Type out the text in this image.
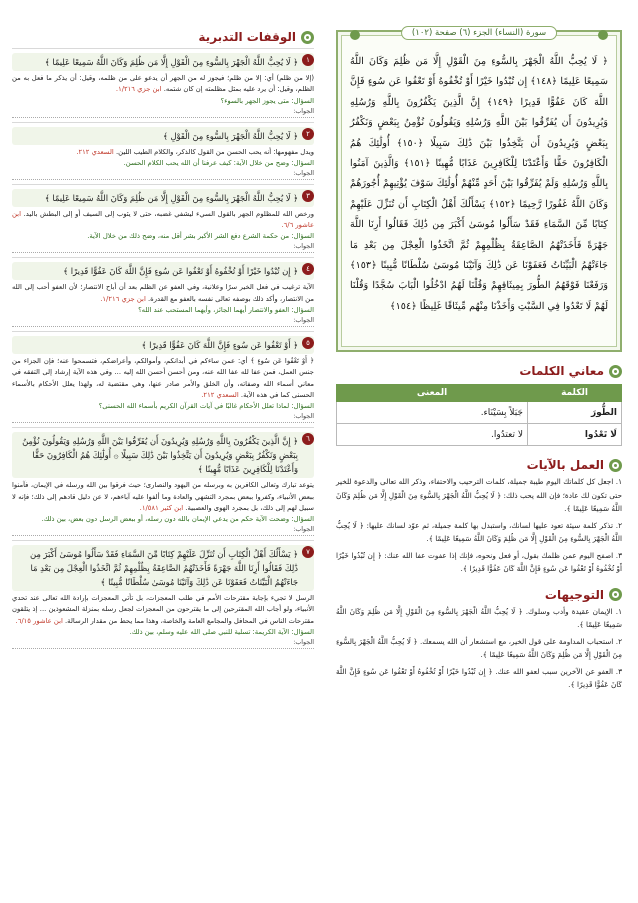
سورة (النساء) الجزء (٦) صفحة (١٠٢)
﴿ لَا يُحِبُّ اللَّهُ الْجَهْرَ بِالسُّوءِ مِنَ الْقَوْلِ إِلَّا مَن ظُلِمَ وَكَانَ اللَّهُ سَمِيعًا عَلِيمًا ﴿١٤٨﴾ إِن تُبْدُوا خَيْرًا أَوْ تُخْفُوهُ أَوْ تَعْفُوا عَن سُوءٍ فَإِنَّ اللَّهَ كَانَ عَفُوًّا قَدِيرًا ﴿١٤٩﴾ إِنَّ الَّذِينَ يَكْفُرُونَ بِاللَّهِ وَرُسُلِهِ وَيُرِيدُونَ أَن يُفَرِّقُوا بَيْنَ اللَّهِ وَرُسُلِهِ وَيَقُولُونَ نُؤْمِنُ بِبَعْضٍ وَنَكْفُرُ بِبَعْضٍ وَيُرِيدُونَ أَن يَتَّخِذُوا بَيْنَ ذَٰلِكَ سَبِيلًا ﴿١٥٠﴾ أُولَٰئِكَ هُمُ الْكَافِرُونَ حَقًّا وَأَعْتَدْنَا لِلْكَافِرِينَ عَذَابًا مُّهِينًا ﴿١٥١﴾ وَالَّذِينَ آمَنُوا بِاللَّهِ وَرُسُلِهِ وَلَمْ يُفَرِّقُوا بَيْنَ أَحَدٍ مِّنْهُمْ أُولَٰئِكَ سَوْفَ يُؤْتِيهِمْ أُجُورَهُمْ وَكَانَ اللَّهُ غَفُورًا رَّحِيمًا ﴿١٥٢﴾ يَسْأَلُكَ أَهْلُ الْكِتَابِ أَن تُنَزِّلَ عَلَيْهِمْ كِتَابًا مِّنَ السَّمَاءِ فَقَدْ سَأَلُوا مُوسَىٰ أَكْبَرَ مِن ذَٰلِكَ فَقَالُوا أَرِنَا اللَّهَ جَهْرَةً فَأَخَذَتْهُمُ الصَّاعِقَةُ بِظُلْمِهِمْ ثُمَّ اتَّخَذُوا الْعِجْلَ مِن بَعْدِ مَا جَاءَتْهُمُ الْبَيِّنَاتُ فَعَفَوْنَا عَن ذَٰلِكَ وَآتَيْنَا مُوسَىٰ سُلْطَانًا مُّبِينًا ﴿١٥٣﴾ وَرَفَعْنَا فَوْقَهُمُ الطُّورَ بِمِيثَاقِهِمْ وَقُلْنَا لَهُمُ ادْخُلُوا الْبَابَ سُجَّدًا وَقُلْنَا لَهُمْ لَا تَعْدُوا فِي السَّبْتِ وَأَخَذْنَا مِنْهُم مِّيثَاقًا غَلِيظًا ﴿١٥٤﴾
معاني الكلمات
الكلمة	المعنى
الطُّورَ	جَبَلاً بِسَيْنَاء.
لَا تَعْدُوا	لا تعتدُوا.
العمل بالآيات

١. اجعل كل كلماتك اليوم طيبة جميلة، كلمات الترحيب والاحتفاء، وذكر الله تعالى والدعوة للخير حتى تكون لك عادة؛ فإن الله يحب ذلك: ﴿ لَا يُحِبُّ اللَّهُ الْجَهْرَ بِالسُّوءِ مِنَ الْقَوْلِ إِلَّا مَن ظُلِمَ وَكَانَ اللَّهُ سَمِيعًا عَلِيمًا ﴾.

٢. تذكر كلمة سيئة تعود عليها لسانك، واستبدل بها كلمة جميلة، ثم عوّد لسانك عليها: ﴿ لَا يُحِبُّ اللَّهُ الْجَهْرَ بِالسُّوءِ مِنَ الْقَوْلِ إِلَّا مَن ظُلِمَ وَكَانَ اللَّهُ سَمِيعًا عَلِيمًا ﴾.

٣. اصفح اليوم عمن ظلمك بقول، أو فعل ونحوه، فإنك إذا عفوت عفا الله عنك: ﴿ إِن تُبْدُوا خَيْرًا أَوْ تُخْفُوهُ أَوْ تَعْفُوا عَن سُوءٍ فَإِنَّ اللَّهَ كَانَ عَفُوًّا قَدِيرًا ﴾.

التوجيهات

١. الإيمان عقيدة وأدب وسلوك. ﴿ لَا يُحِبُّ اللَّهُ الْجَهْرَ بِالسُّوءِ مِنَ الْقَوْلِ إِلَّا مَن ظُلِمَ وَكَانَ اللَّهُ سَمِيعًا عَلِيمًا ﴾.

٢. استحباب المداومة على قول الخير، مع استشعار أن الله يسمعك. ﴿ لَا يُحِبُّ اللَّهُ الْجَهْرَ بِالسُّوءِ مِنَ الْقَوْلِ إِلَّا مَن ظُلِمَ وَكَانَ اللَّهُ سَمِيعًا عَلِيمًا ﴾.

٣. العفو عن الآخرين سبب لعفو الله عنك. ﴿ إِن تُبْدُوا خَيْرًا أَوْ تُخْفُوهُ أَوْ تَعْفُوا عَن سُوءٍ فَإِنَّ اللَّهَ كَانَ عَفُوًّا قَدِيرًا ﴾.

الوقفات التدبرية
١
﴿ لَا يُحِبُّ اللَّهُ الْجَهْرَ بِالسُّوءِ مِنَ الْقَوْلِ إِلَّا مَن ظُلِمَ وَكَانَ اللَّهُ سَمِيعًا عَلِيمًا ﴾
(إلا من ظلم) أي: إلا من ظلم؛ فيجوز له من الجهر أن يدعو على من ظلمه، وقيل: أن يذكر ما فعل به من الظلم، وقيل: أن يرد عليه بمثل مظلمته إن كان شتمه. ابن جزي ١/٢١٦.
السؤال: متى يجوز الجهر بالسوء؟
الجواب:
٢
﴿ لَا يُحِبُّ اللَّهُ الْجَهْرَ بِالسُّوءِ مِنَ الْقَوْلِ ﴾
ويدل مفهومها: أنه يحب الحسن من القول كالذكر، والكلام الطيب اللين. السعدي ٢١٢.
السؤال: وضح من خلال الآية: كيف عرفنا أن الله يحب الكلام الحسن.
الجواب:
٣
﴿ لَا يُحِبُّ اللَّهُ الْجَهْرَ بِالسُّوءِ مِنَ الْقَوْلِ إِلَّا مَن ظُلِمَ وَكَانَ اللَّهُ سَمِيعًا عَلِيمًا ﴾
ورخص الله للمظلوم الجهر بالقول السيء ليشفي غضبه، حتى لا يثوب إلى السيف أو إلى البطش باليد. ابن عاشور ٦/٦.
السؤال: من حكمة الشرع دفع الشر الأكبر بشر أقل منه، وضح ذلك من خلال الآية.
الجواب:
٤
﴿ إِن تُبْدُوا خَيْرًا أَوْ تُخْفُوهُ أَوْ تَعْفُوا عَن سُوءٍ فَإِنَّ اللَّهَ كَانَ عَفُوًّا قَدِيرًا ﴾
الآية ترغيب في فعل الخير سرًا وعلانية، وفي العفو عن الظلم بعد أن أباح الانتصار؛ لأن العفو أحب إلى الله من الانتصار، وأكد ذلك بوصفه تعالى نفسه بالعفو مع القدرة. ابن جزي ١/٢١٦.
السؤال: العفو والانتصار أيهما الجائز، وأيهما المستحب عند الله؟
الجواب:
٥
﴿ أَوْ تَعْفُوا عَن سُوءٍ فَإِنَّ اللَّهَ كَانَ عَفُوًّا قَدِيرًا ﴾
﴿ أَوْ تَعْفُوا عَن سُوءٍ ﴾ أي: عمن ساءكم في أبدانكم، وأموالكم، وأعراضكم، فتسمحوا عنه؛ فإن الجزاء من جنس العمل، فمن عفا لله عفا الله عنه، ومن أحسن أحسن الله إليه ... وفي هذه الآية إرشاد إلى التفقه في معاني أسماء الله وصفاته، وأن الخلق والأمر صادر عنها، وهي مقتضية له، ولهذا يعلل الأحكام بالأسماء الحسنى كما في هذه الآية. السعدي ٢١٢.
السؤال: لماذا تعلل الأحكام غالبًا في آيات القرآن الكريم بأسماء الله الحسنى؟
الجواب:
٦
﴿ إِنَّ الَّذِينَ يَكْفُرُونَ بِاللَّهِ وَرُسُلِهِ وَيُرِيدُونَ أَن يُفَرِّقُوا بَيْنَ اللَّهِ وَرُسُلِهِ وَيَقُولُونَ نُؤْمِنُ بِبَعْضٍ وَنَكْفُرُ بِبَعْضٍ وَيُرِيدُونَ أَن يَتَّخِذُوا بَيْنَ ذَٰلِكَ سَبِيلًا ۞ أُولَٰئِكَ هُمُ الْكَافِرُونَ حَقًّا وَأَعْتَدْنَا لِلْكَافِرِينَ عَذَابًا مُّهِينًا ﴾
يتوعد تبارك وتعالى الكافرين به وبرسله من اليهود والنصارى؛ حيث فرقوا بين الله ورسله في الإيمان، فآمنوا ببعض الأنبياء، وكفروا ببعض بمجرد التشهي والعادة وما ألفوا عليه آباءهم، لا عن دليل قادهم إلى ذلك؛ فإنه لا سبيل لهم إلى ذلك، بل بمجرد الهوى والعصبية. ابن كثير ١/٥٨١.
السؤال: وضحت الآية حكم من يدعي الإيمان بالله دون رسله، أو ببعض الرسل دون بعض، بين ذلك.
الجواب:
٧
﴿ يَسْأَلُكَ أَهْلُ الْكِتَابِ أَن تُنَزِّلَ عَلَيْهِمْ كِتَابًا مِّنَ السَّمَاءِ فَقَدْ سَأَلُوا مُوسَىٰ أَكْبَرَ مِن ذَٰلِكَ فَقَالُوا أَرِنَا اللَّهَ جَهْرَةً فَأَخَذَتْهُمُ الصَّاعِقَةُ بِظُلْمِهِمْ ثُمَّ اتَّخَذُوا الْعِجْلَ مِن بَعْدِ مَا جَاءَتْهُمُ الْبَيِّنَاتُ فَعَفَوْنَا عَن ذَٰلِكَ وَآتَيْنَا مُوسَىٰ سُلْطَانًا مُّبِينًا ﴾
الرسل لا تجيء بإجابة مقترحات الأمم في طلب المعجزات، بل تأتي المعجزات بإرادة الله تعالى عند تحدي الأنبياء، ولو أجاب الله المقترحين إلى ما يقترحون من المعجزات لجعل رسله بمنزلة المشعوذين ... إذ يتلقون مقترحات الناس في المحافل والمجامع العامة والخاصة، وهذا مما يحط من مقدار الرسالة. ابن عاشور ٦/١٥.
السؤال: الآية الكريمة: تسلية للنبي صلى الله عليه وسلم، بين ذلك.
الجواب:
